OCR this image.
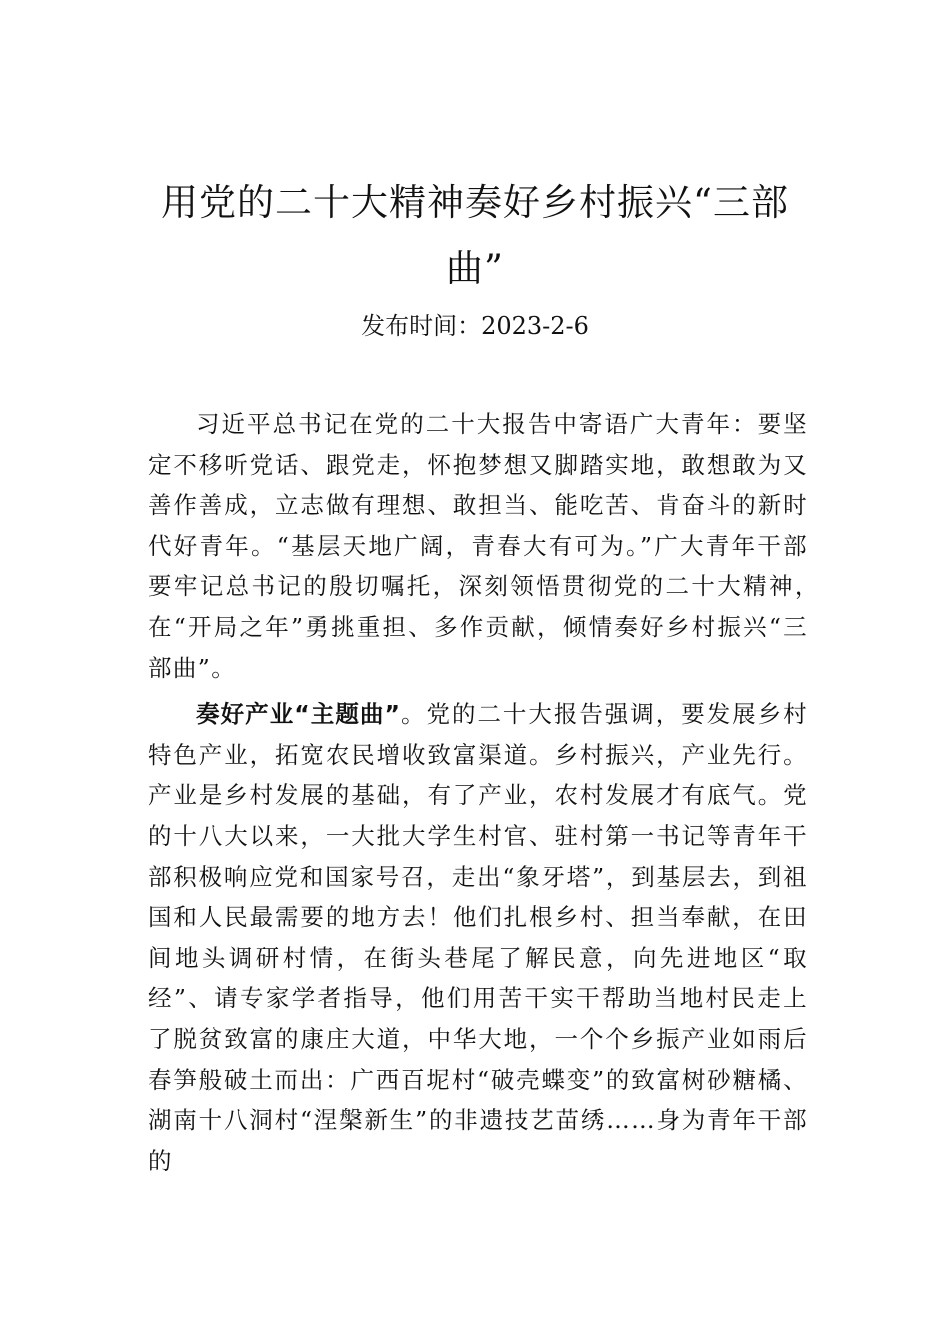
用党的二十大精神奏好乡村振兴“三部曲”
发布时间：2023-2-6

习近平总书记在党的二十大报告中寄语广大青年：要坚定不移听党话、跟党走，怀抱梦想又脚踏实地，敢想敢为又善作善成，立志做有理想、敢担当、能吃苦、肯奋斗的新时代好青年。“基层天地广阔，青春大有可为。”广大青年干部要牢记总书记的殷切嘱托，深刻领悟贯彻党的二十大精神，　在“开局之年”勇挑重担、多作贡献，倾情奏好乡村振兴“三部曲”。

奏好产业“主题曲”。党的二十大报告强调，要发展乡村特色产业，拓宽农民增收致富渠道。乡村振兴，产业先行。 产业是乡村发展的基础，有了产业，农村发展才有底气。党的十八大以来，一大批大学生村官、驻村第一书记等青年干部积极响应党和国家号召，走出“象牙塔”，到基层去，到祖国和人民最需要的地方去！他们扎根乡村、担当奉献，在田间地头调研村情，在街头巷尾了解民意，向先进地区“取经”、请专家学者指导，他们用苦干实干帮助当地村民走上了脱贫致富的康庄大道，中华大地，一个个乡振产业如雨后春笋般破土而出：广西百坭村“破壳蝶变”的致富树砂糖橘、湖南十八洞村“涅槃新生”的非遗技艺苗绣……身为青年干部的
